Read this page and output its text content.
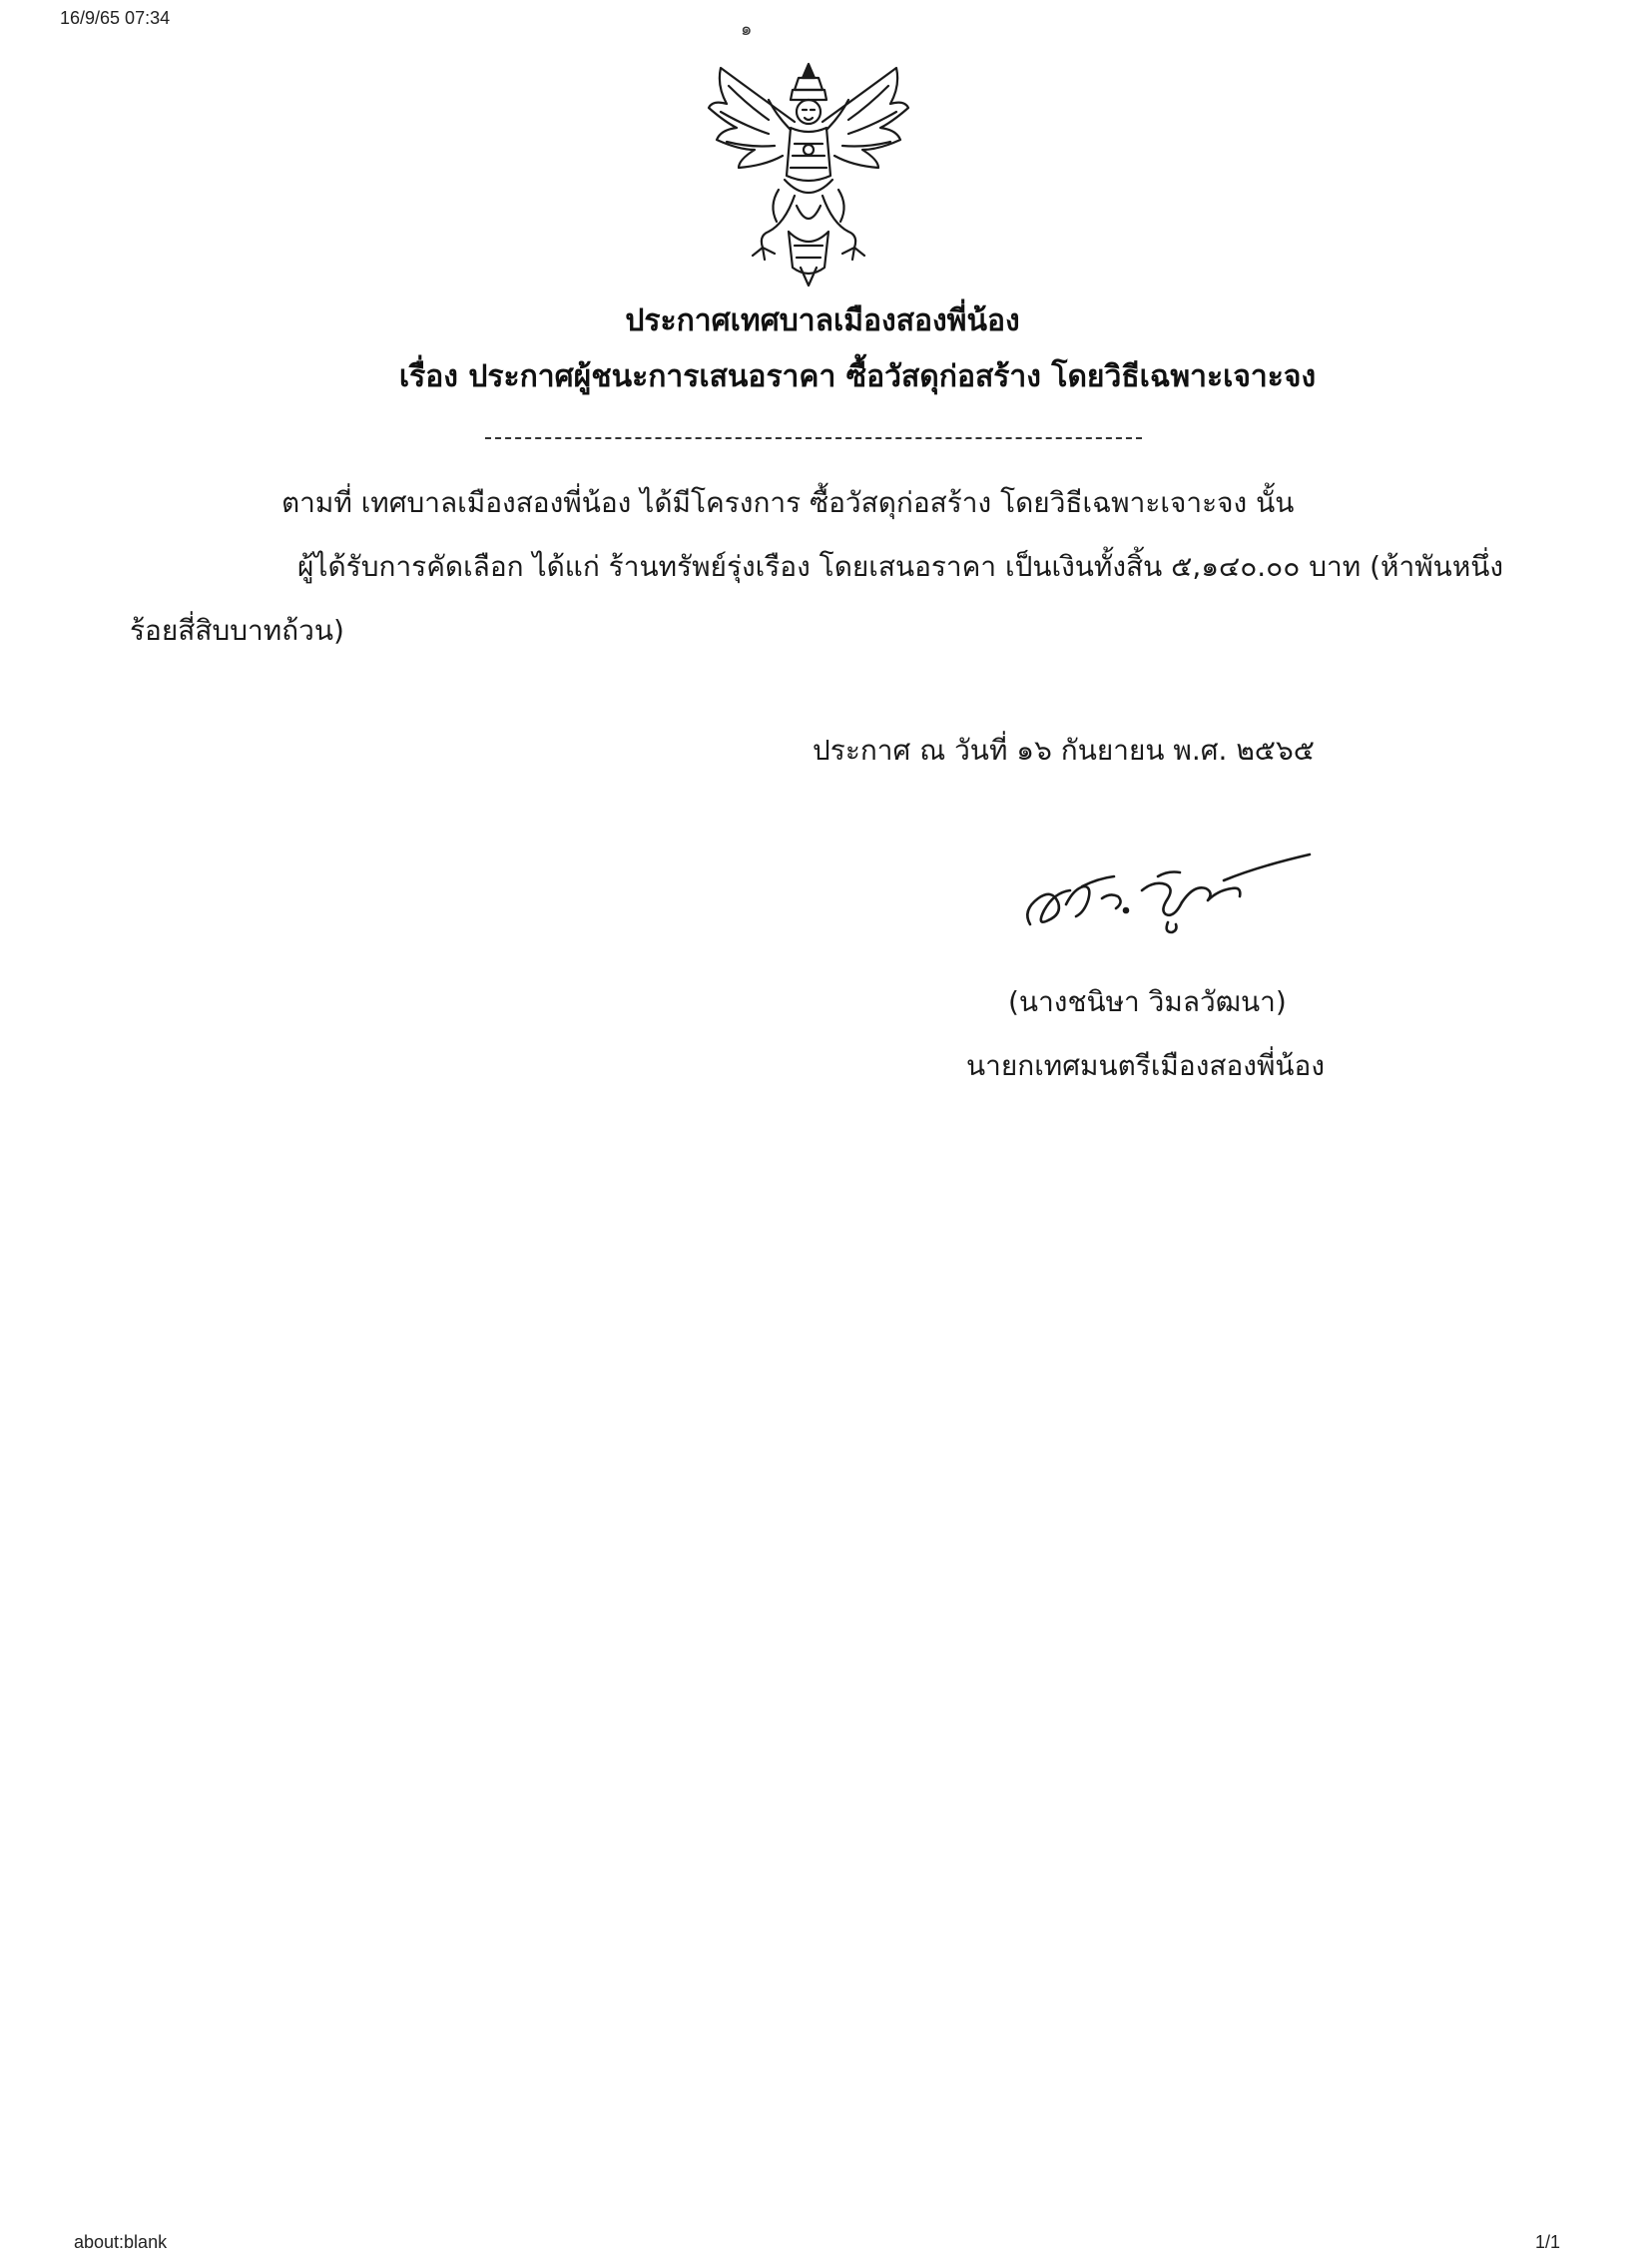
16/9/65 07:34
๑
ประกาศเทศบาลเมืองสองพี่น้อง
เรื่อง ประกาศผู้ชนะการเสนอราคา ซื้อวัสดุก่อสร้าง โดยวิธีเฉพาะเจาะจง
ตามที่ เทศบาลเมืองสองพี่น้อง ได้มีโครงการ ซื้อวัสดุก่อสร้าง โดยวิธีเฉพาะเจาะจง นั้น
ผู้ได้รับการคัดเลือก ได้แก่ ร้านทรัพย์รุ่งเรือง โดยเสนอราคา เป็นเงินทั้งสิ้น ๕,๑๔๐.๐๐ บาท (ห้าพันหนึ่ง
ร้อยสี่สิบบาทถ้วน)
ประกาศ ณ วันที่ ๑๖ กันยายน พ.ศ. ๒๕๖๕
(นางชนิษา วิมลวัฒนา)
นายกเทศมนตรีเมืองสองพี่น้อง
about:blank	1/1
